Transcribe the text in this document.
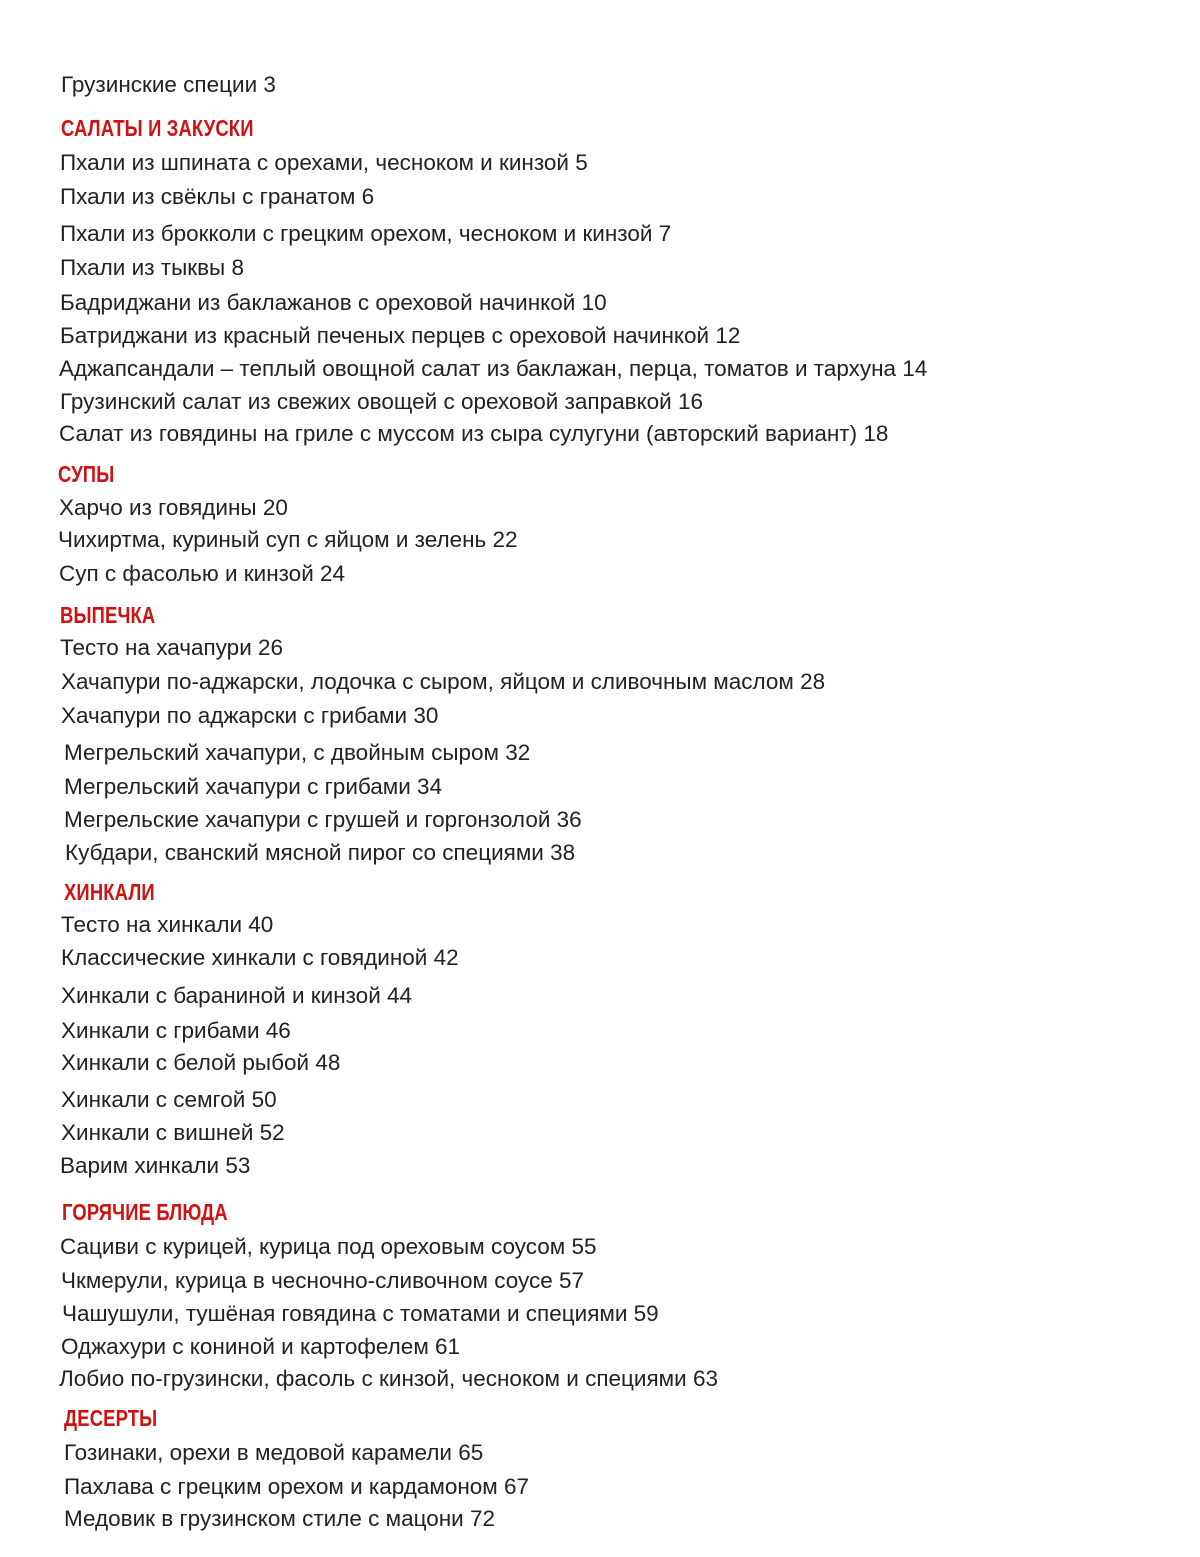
Грузинские специи 3
САЛАТЫ И ЗАКУСКИ
Пхали из шпината с орехами, чесноком и кинзой 5
Пхали из свёклы с гранатом 6
Пхали из брокколи с грецким орехом, чесноком и кинзой 7
Пхали из тыквы 8
Бадриджани из баклажанов с ореховой начинкой 10
Батриджани из красный печеных перцев с ореховой начинкой 12
Аджапсандали – теплый овощной салат из баклажан, перца, томатов и тархуна 14
Грузинский салат из свежих овощей с ореховой заправкой 16
Салат из говядины на гриле с муссом из сыра сулугуни (авторский вариант) 18
СУПЫ
Харчо из говядины 20
Чихиртма, куриный суп с яйцом и зелень 22
Суп с фасолью и кинзой 24
ВЫПЕЧКА
Тесто на хачапури 26
Хачапури по-аджарски, лодочка с сыром, яйцом и сливочным маслом 28
Хачапури по аджарски с грибами 30
Мегрельский хачапури, с двойным сыром 32
Мегрельский хачапури с грибами 34
Мегрельские хачапури с грушей и горгонзолой 36
Кубдари, сванский мясной пирог со специями 38
ХИНКАЛИ
Тесто на хинкали 40
Классические хинкали с говядиной 42
Хинкали с бараниной и кинзой 44
Хинкали с грибами 46
Хинкали с белой рыбой 48
Хинкали с семгой 50
Хинкали с вишней 52
Варим хинкали 53
ГОРЯЧИЕ БЛЮДА
Сациви с курицей, курица под ореховым соусом 55
Чкмерули, курица в чесночно-сливочном соусе 57
Чашушули, тушёная говядина с томатами и специями 59
Оджахури с кониной и картофелем 61
Лобио по-грузински, фасоль с кинзой, чесноком и специями 63
ДЕСЕРТЫ
Гозинаки, орехи в медовой карамели 65
Пахлава с грецким орехом и кардамоном 67
Медовик в грузинском стиле с мацони 72
